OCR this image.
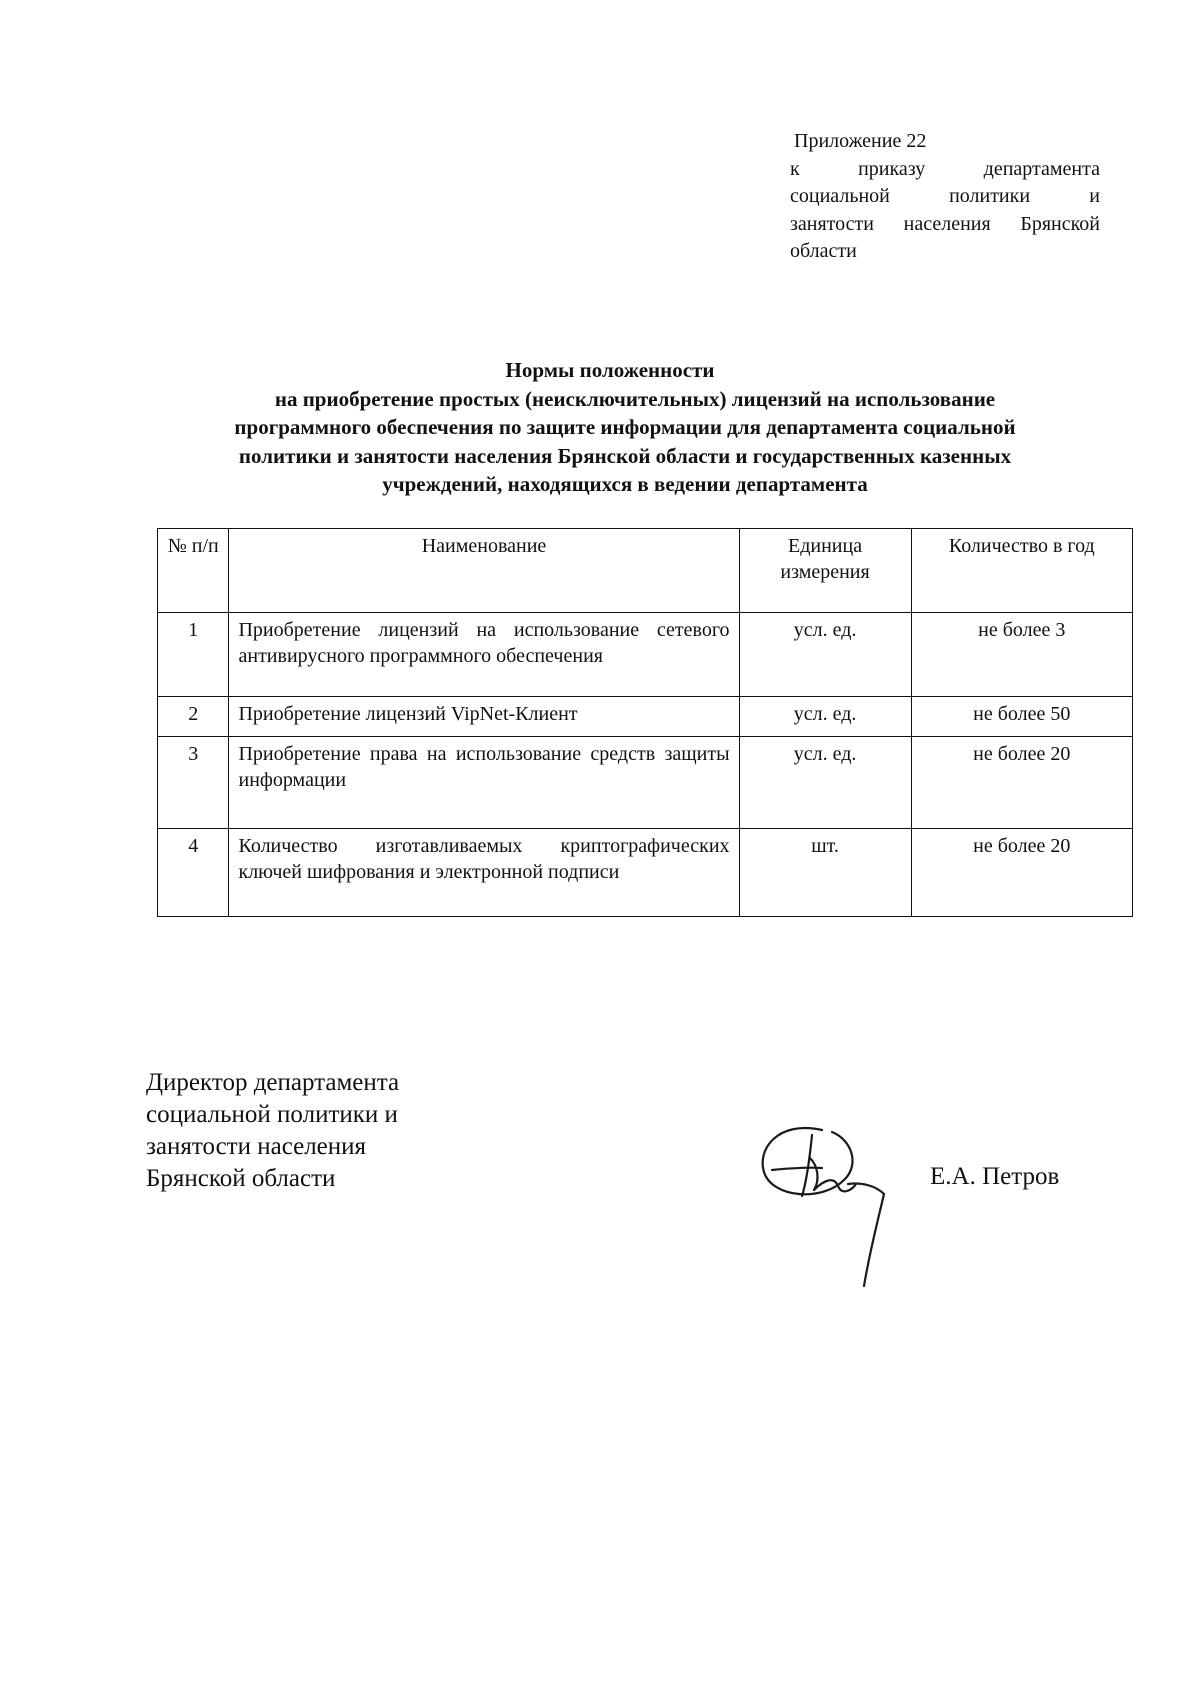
Приложение 22
к приказу департамента
социальной политики и
занятости населения Брянской
области
Нормы положенности
на приобретение простых (неисключительных) лицензий на использование
программного обеспечения по защите информации для департамента социальной
политики и занятости населения Брянской области и государственных казенных
учреждений, находящихся в ведении департамента
№ п/п	Наименование	Единица измерения	Количество в год
1	Приобретение лицензий на использование сетевого антивирусного программного обеспечения	усл. ед.	не более 3
2	Приобретение лицензий VipNet-Клиент	усл. ед.	не более 50
3	Приобретение права на использование средств защиты информации	усл. ед.	не более 20
4	Количество изготавливаемых криптографических ключей шифрования и электронной подписи	шт.	не более 20
Директор департамента
социальной политики и
занятости населения
Брянской области	Е.А. Петров
